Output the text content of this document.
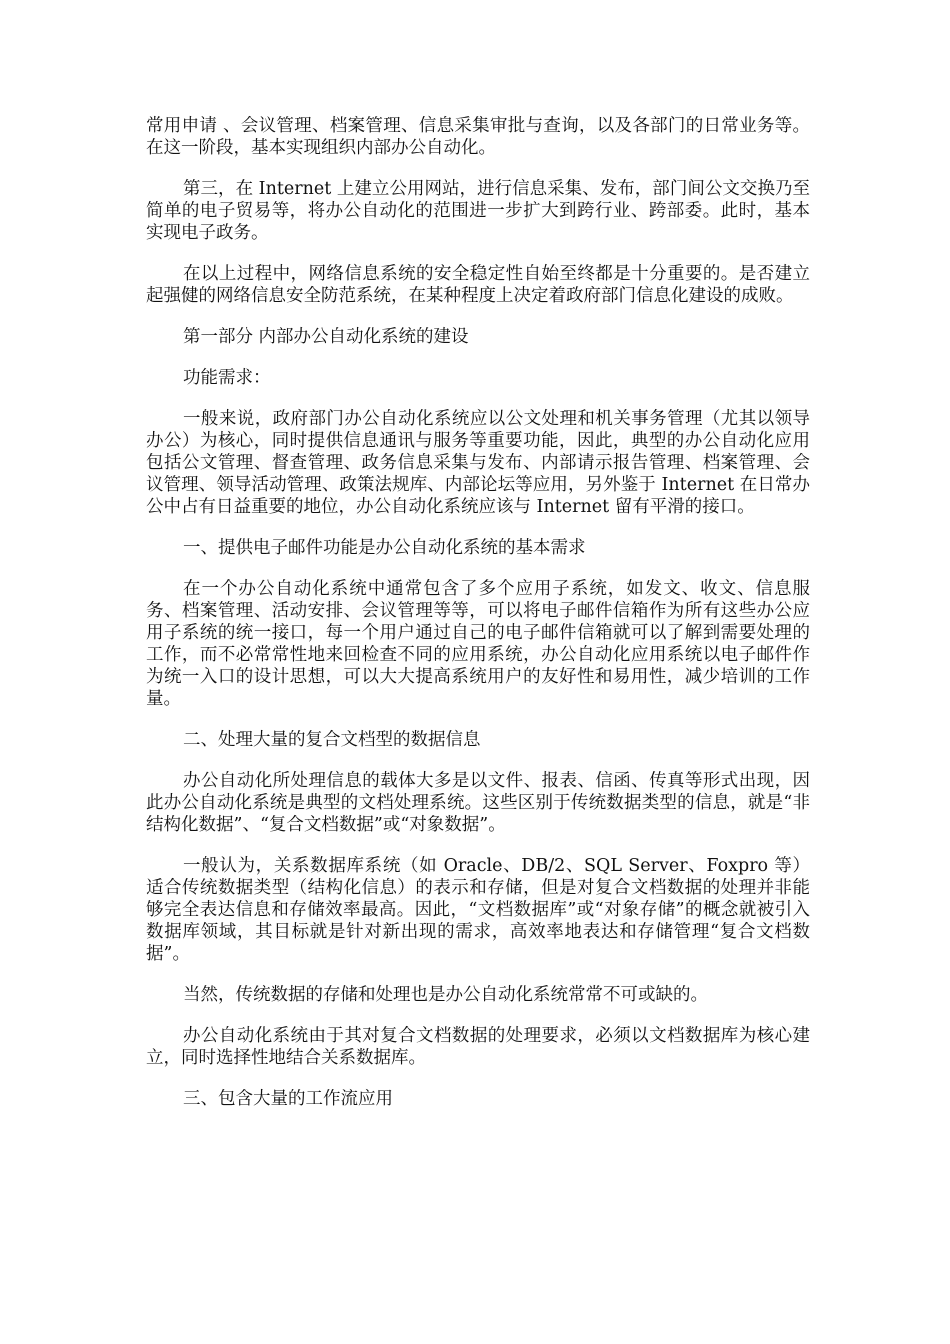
常用申请 、会议管理、档案管理、信息采集审批与查询，以及各部门的日常业务等。在这一阶段，基本实现组织内部办公自动化。

第三，在 Internet 上建立公用网站，进行信息采集、发布，部门间公文交换乃至简单的电子贸易等，将办公自动化的范围进一步扩大到跨行业、跨部委。此时，基本实现电子政务。

在以上过程中，网络信息系统的安全稳定性自始至终都是十分重要的。是否建立起强健的网络信息安全防范系统，在某种程度上决定着政府部门信息化建设的成败。

第一部分 内部办公自动化系统的建设

功能需求：

一般来说，政府部门办公自动化系统应以公文处理和机关事务管理（尤其以领导办公）为核心，同时提供信息通讯与服务等重要功能，因此，典型的办公自动化应用包括公文管理、督查管理、政务信息采集与发布、内部请示报告管理、档案管理、会议管理、领导活动管理、政策法规库、内部论坛等应用，另外鉴于 Internet 在日常办公中占有日益重要的地位，办公自动化系统应该与 Internet 留有平滑的接口。

一、提供电子邮件功能是办公自动化系统的基本需求

在一个办公自动化系统中通常包含了多个应用子系统，如发文、收文、信息服务、档案管理、活动安排、会议管理等等，可以将电子邮件信箱作为所有这些办公应用子系统的统一接口，每一个用户通过自己的电子邮件信箱就可以了解到需要处理的工作，而不必常常性地来回检查不同的应用系统，办公自动化应用系统以电子邮件作为统一入口的设计思想，可以大大提高系统用户的友好性和易用性，减少培训的工作量。

二、处理大量的复合文档型的数据信息

办公自动化所处理信息的载体大多是以文件、报表、信函、传真等形式出现，因此办公自动化系统是典型的文档处理系统。这些区别于传统数据类型的信息，就是“非结构化数据”、“复合文档数据”或“对象数据”。

一般认为，关系数据库系统（如 Oracle、DB/2、SQL Server、Foxpro 等）适合传统数据类型（结构化信息）的表示和存储，但是对复合文档数据的处理并非能够完全表达信息和存储效率最高。因此，“文档数据库”或“对象存储”的概念就被引入数据库领域，其目标就是针对新出现的需求，高效率地表达和存储管理“复合文档数据”。

当然，传统数据的存储和处理也是办公自动化系统常常不可或缺的。

办公自动化系统由于其对复合文档数据的处理要求，必须以文档数据库为核心建立，同时选择性地结合关系数据库。

三、包含大量的工作流应用
